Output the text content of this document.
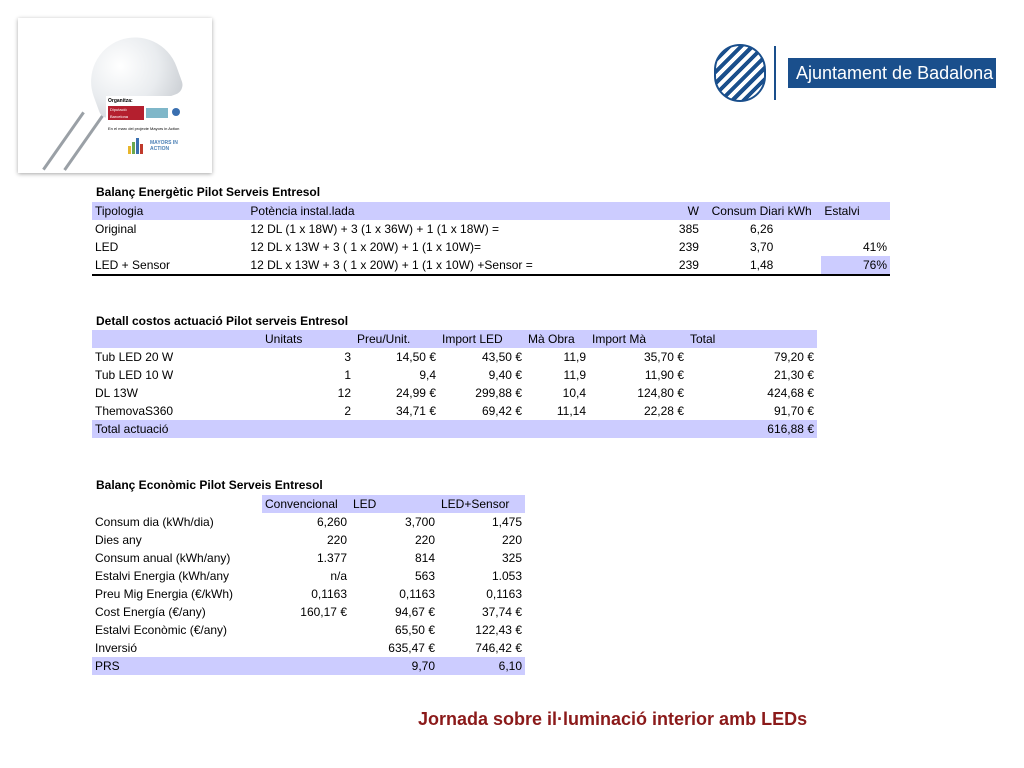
Organitza:
Diputació Barcelona
En el marc del projecte Mayors in Action
MAYORS IN ACTION
Ajuntament de Badalona
Balanç Energètic Pilot Serveis Entresol
Tipologia	Potència instal.lada	W	Consum Diari kWh	Estalvi
Original	12 DL (1 x 18W) + 3 (1 x 36W) + 1 (1 x 18W) =	385	6,26	
LED	12 DL x 13W + 3 ( 1 x 20W) + 1 (1 x 10W)=	239	3,70	41%
LED + Sensor	12 DL x 13W + 3 ( 1 x 20W) + 1 (1 x 10W) +Sensor =	239	1,48	76%
Detall costos actuació Pilot serveis Entresol
	Unitats	Preu/Unit.	Import LED	Mà Obra	Import Mà	Total
Tub LED 20 W	3	14,50 €	43,50 €	11,9	35,70 €	79,20 €
Tub LED 10 W	1	9,4	9,40 €	11,9	11,90 €	21,30 €
DL 13W	12	24,99 €	299,88 €	10,4	124,80 €	424,68 €
ThemovaS360	2	34,71 €	69,42 €	11,14	22,28 €	91,70 €
Total actuació						616,88 €
Balanç Econòmic Pilot Serveis Entresol
	Convencional	LED	LED+Sensor
Consum dia (kWh/dia)	6,260	3,700	1,475
Dies any	220	220	220
Consum anual (kWh/any)	1.377	814	325
Estalvi Energia (kWh/any	n/a	563	1.053
Preu Mig Energia (€/kWh)	0,1163	0,1163	0,1163
Cost Energía (€/any)	160,17 €	94,67 €	37,74 €
Estalvi Econòmic (€/any)		65,50 €	122,43 €
Inversió		635,47 €	746,42 €
PRS		9,70	6,10
Jornada sobre il·luminació interior amb LEDs
